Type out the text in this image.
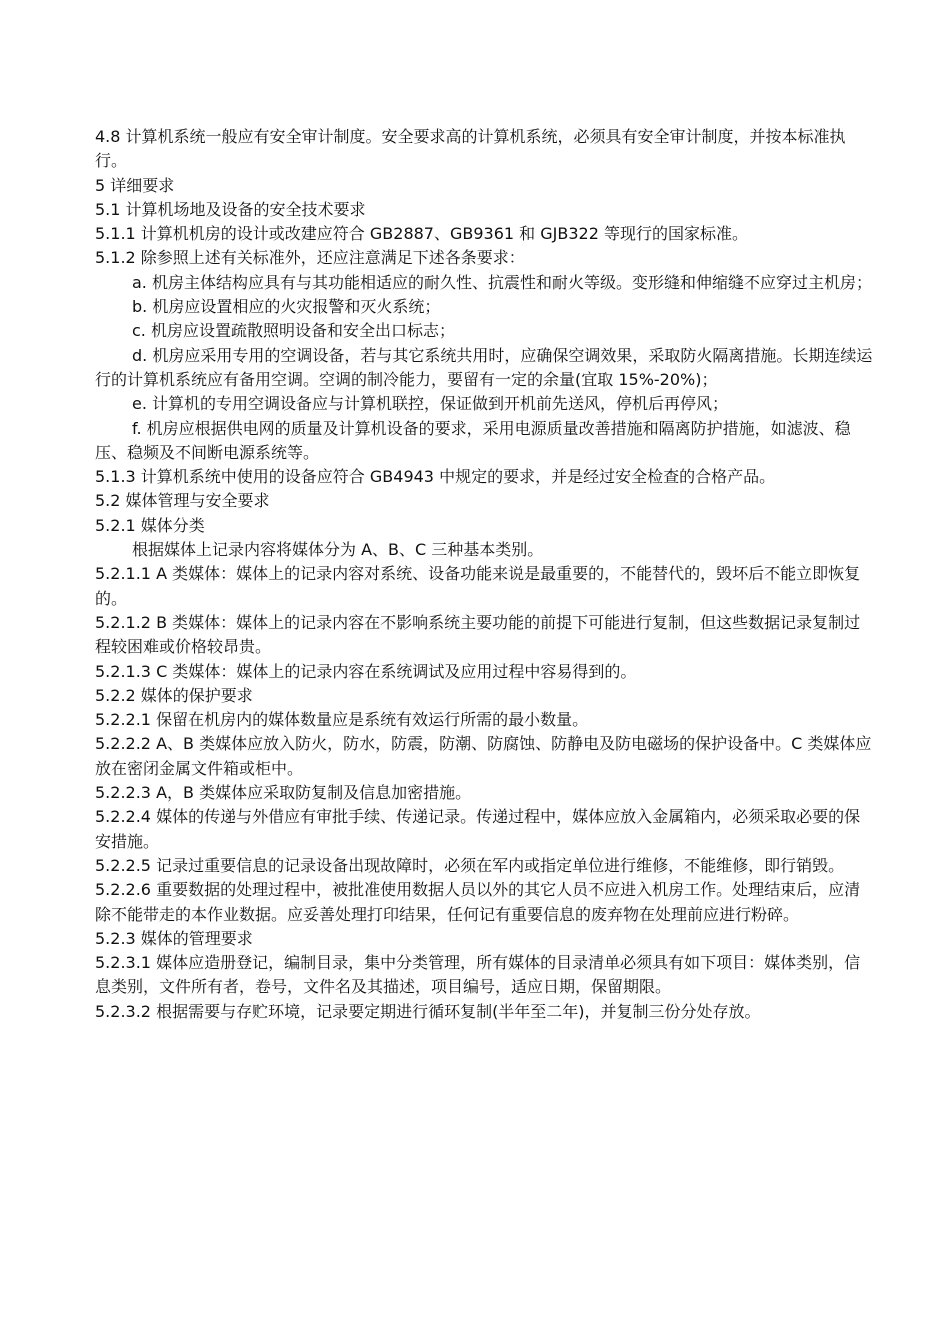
4.8 计算机系统一般应有安全审计制度。安全要求高的计算机系统，必须具有安全审计制度，并按本标准执行。

5 详细要求

5.1 计算机场地及设备的安全技术要求

5.1.1 计算机机房的设计或改建应符合 GB2887、GB9361 和 GJB322 等现行的国家标准。

5.1.2 除参照上述有关标准外，还应注意满足下述各条要求：

a. 机房主体结构应具有与其功能相适应的耐久性、抗震性和耐火等级。变形缝和伸缩缝不应穿过主机房；

b. 机房应设置相应的火灾报警和灭火系统；

c. 机房应设置疏散照明设备和安全出口标志；

d. 机房应采用专用的空调设备，若与其它系统共用时，应确保空调效果，采取防火隔离措施。长期连续运行的计算机系统应有备用空调。空调的制冷能力，要留有一定的余量(宜取 15%-20%)；

e. 计算机的专用空调设备应与计算机联控，保证做到开机前先送风，停机后再停风；

f. 机房应根据供电网的质量及计算机设备的要求，采用电源质量改善措施和隔离防护措施，如滤波、稳压、稳频及不间断电源系统等。

5.1.3 计算机系统中使用的设备应符合 GB4943 中规定的要求，并是经过安全检查的合格产品。

5.2 媒体管理与安全要求

5.2.1 媒体分类

根据媒体上记录内容将媒体分为 A、B、C 三种基本类别。

5.2.1.1 A 类媒体：媒体上的记录内容对系统、设备功能来说是最重要的，不能替代的，毁坏后不能立即恢复的。

5.2.1.2 B 类媒体：媒体上的记录内容在不影响系统主要功能的前提下可能进行复制，但这些数据记录复制过程较困难或价格较昂贵。

5.2.1.3 C 类媒体：媒体上的记录内容在系统调试及应用过程中容易得到的。

5.2.2 媒体的保护要求

5.2.2.1 保留在机房内的媒体数量应是系统有效运行所需的最小数量。

5.2.2.2 A、B 类媒体应放入防火，防水，防震，防潮、防腐蚀、防静电及防电磁场的保护设备中。C 类媒体应放在密闭金属文件箱或柜中。

5.2.2.3 A，B 类媒体应采取防复制及信息加密措施。

5.2.2.4 媒体的传递与外借应有审批手续、传递记录。传递过程中，媒体应放入金属箱内，必须采取必要的保安措施。

5.2.2.5 记录过重要信息的记录设备出现故障时，必须在军内或指定单位进行维修，不能维修，即行销毁。

5.2.2.6 重要数据的处理过程中，被批准使用数据人员以外的其它人员不应进入机房工作。处理结束后，应清除不能带走的本作业数据。应妥善处理打印结果，任何记有重要信息的废弃物在处理前应进行粉碎。

5.2.3 媒体的管理要求

5.2.3.1 媒体应造册登记，编制目录，集中分类管理，所有媒体的目录清单必须具有如下项目：媒体类别，信息类别，文件所有者，卷号，文件名及其描述，项目编号，适应日期，保留期限。

5.2.3.2 根据需要与存贮环境，记录要定期进行循环复制(半年至二年)，并复制三份分处存放。
